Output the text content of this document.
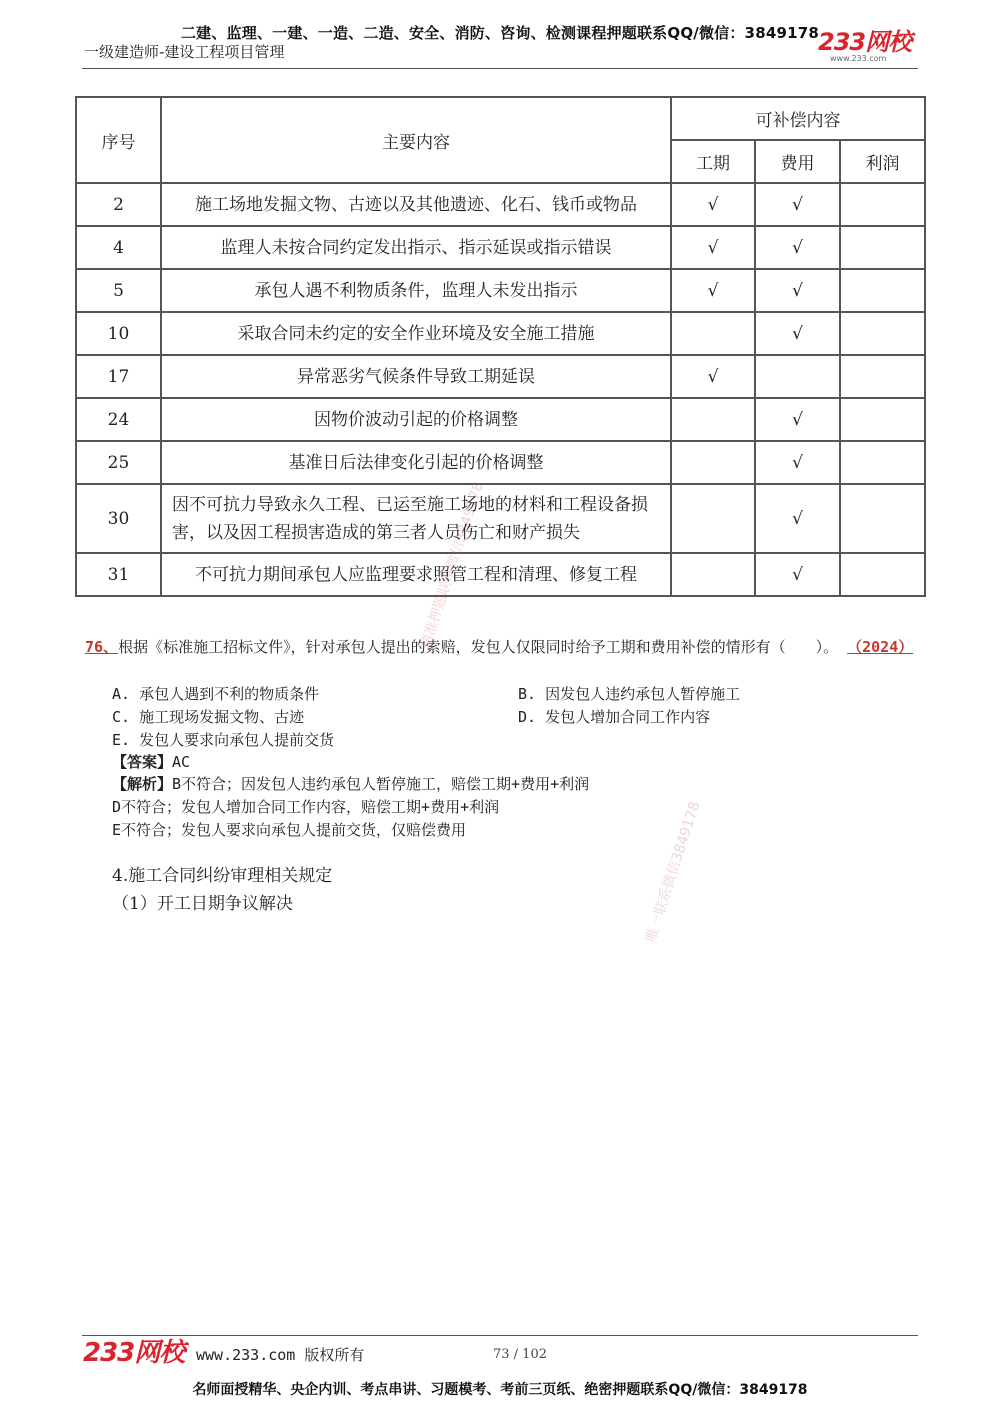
二建、监理、一建、一造、二造、安全、消防、咨询、检测课程押题联系QQ/微信：3849178
一级建造师-建设工程项目管理	233网校
www.233.com
序号	主要内容	可补偿内容		
		工期	费用	利润
2	施工场地发掘文物、古迹以及其他遗迹、化石、钱币或物品	√	√	
4	监理人未按合同约定发出指示、指示延误或指示错误	√	√	
5	承包人遇不利物质条件，监理人未发出指示	√	√	
10	采取合同未约定的安全作业环境及安全施工措施		√	
17	异常恶劣气候条件导致工期延误	√		
24	因物价波动引起的价格调整		√	
25	基准日后法律变化引起的价格调整		√	
30	因不可抗力导致永久工程、已运至施工场地的材料和工程设备损害，以及因工程损害造成的第三者人员伤亡和财产损失		√	
31	不可抗力期间承包人应监理要求照管工程和清理、修复工程		√	
76、根据《标准施工招标文件》，针对承包人提出的索赔，发包人仅限同时给予工期和费用补偿的情形有（　　）。 （2024）
A. 承包人遇到不利的物质条件	B. 因发包人违约承包人暂停施工
C. 施工现场发掘文物、古迹	D. 发包人增加合同工作内容
E. 发包人要求向承包人提前交货
【答案】AC
【解析】B不符合；因发包人违约承包人暂停施工，赔偿工期+费用+利润
D不符合；发包人增加合同工作内容，赔偿工期+费用+利润
E不符合；发包人要求向承包人提前交货，仅赔偿费用
4.施工合同纠纷审理相关规定
（1）开工日期争议解决
精准押题联系微信3849178
唯一联系微信3849178
233网校 www.233.com 版权所有	73 / 102
名师面授精华、央企内训、考点串讲、习题模考、考前三页纸、绝密押题联系QQ/微信：3849178
